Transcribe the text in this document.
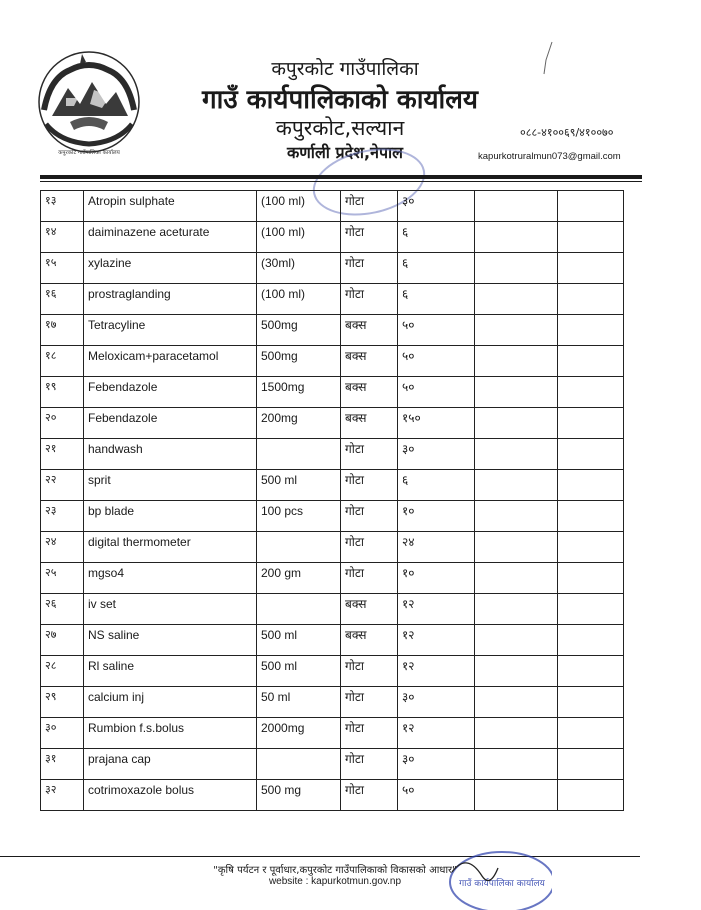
कपुरकोट गाउँपालिका कार्यालय
कपुरकोट गाउँपालिका
गाउँ कार्यपालिकाको कार्यालय
कपुरकोट,सल्यान
कर्णाली प्रदेश,नेपाल
०८८-४१००६९/४१००७०
kapurkotruralmun073@gmail.com
१३	Atropin sulphate	(100 ml)	गोटा	३०		
१४	daiminazene aceturate	(100 ml)	गोटा	६		
१५	xylazine	(30ml)	गोटा	६		
१६	prostraglanding	(100 ml)	गोटा	६		
१७	Tetracyline	500mg	बक्स	५०		
१८	Meloxicam+paracetamol	500mg	बक्स	५०		
१९	Febendazole	1500mg	बक्स	५०		
२०	Febendazole	200mg	बक्स	१५०		
२१	handwash		गोटा	३०		
२२	sprit	500 ml	गोटा	६		
२३	bp blade	100 pcs	गोटा	१०		
२४	digital thermometer		गोटा	२४		
२५	mgso4	200 gm	गोटा	१०		
२६	iv set		बक्स	१२		
२७	NS saline	500 ml	बक्स	१२		
२८	Rl saline	500 ml	गोटा	१२		
२९	calcium inj	50 ml	गोटा	३०		
३०	Rumbion f.s.bolus	2000mg	गोटा	१२		
३१	prajana cap		गोटा	३०		
३२	cotrimoxazole bolus	500 mg	गोटा	५०		
"कृषि पर्यटन र पूर्वाधार,कपुरकोट गाउँपालिकाको विकासको आधार"
website : kapurkotmun.gov.np	गाउँ कार्यपालिका कार्यालय
